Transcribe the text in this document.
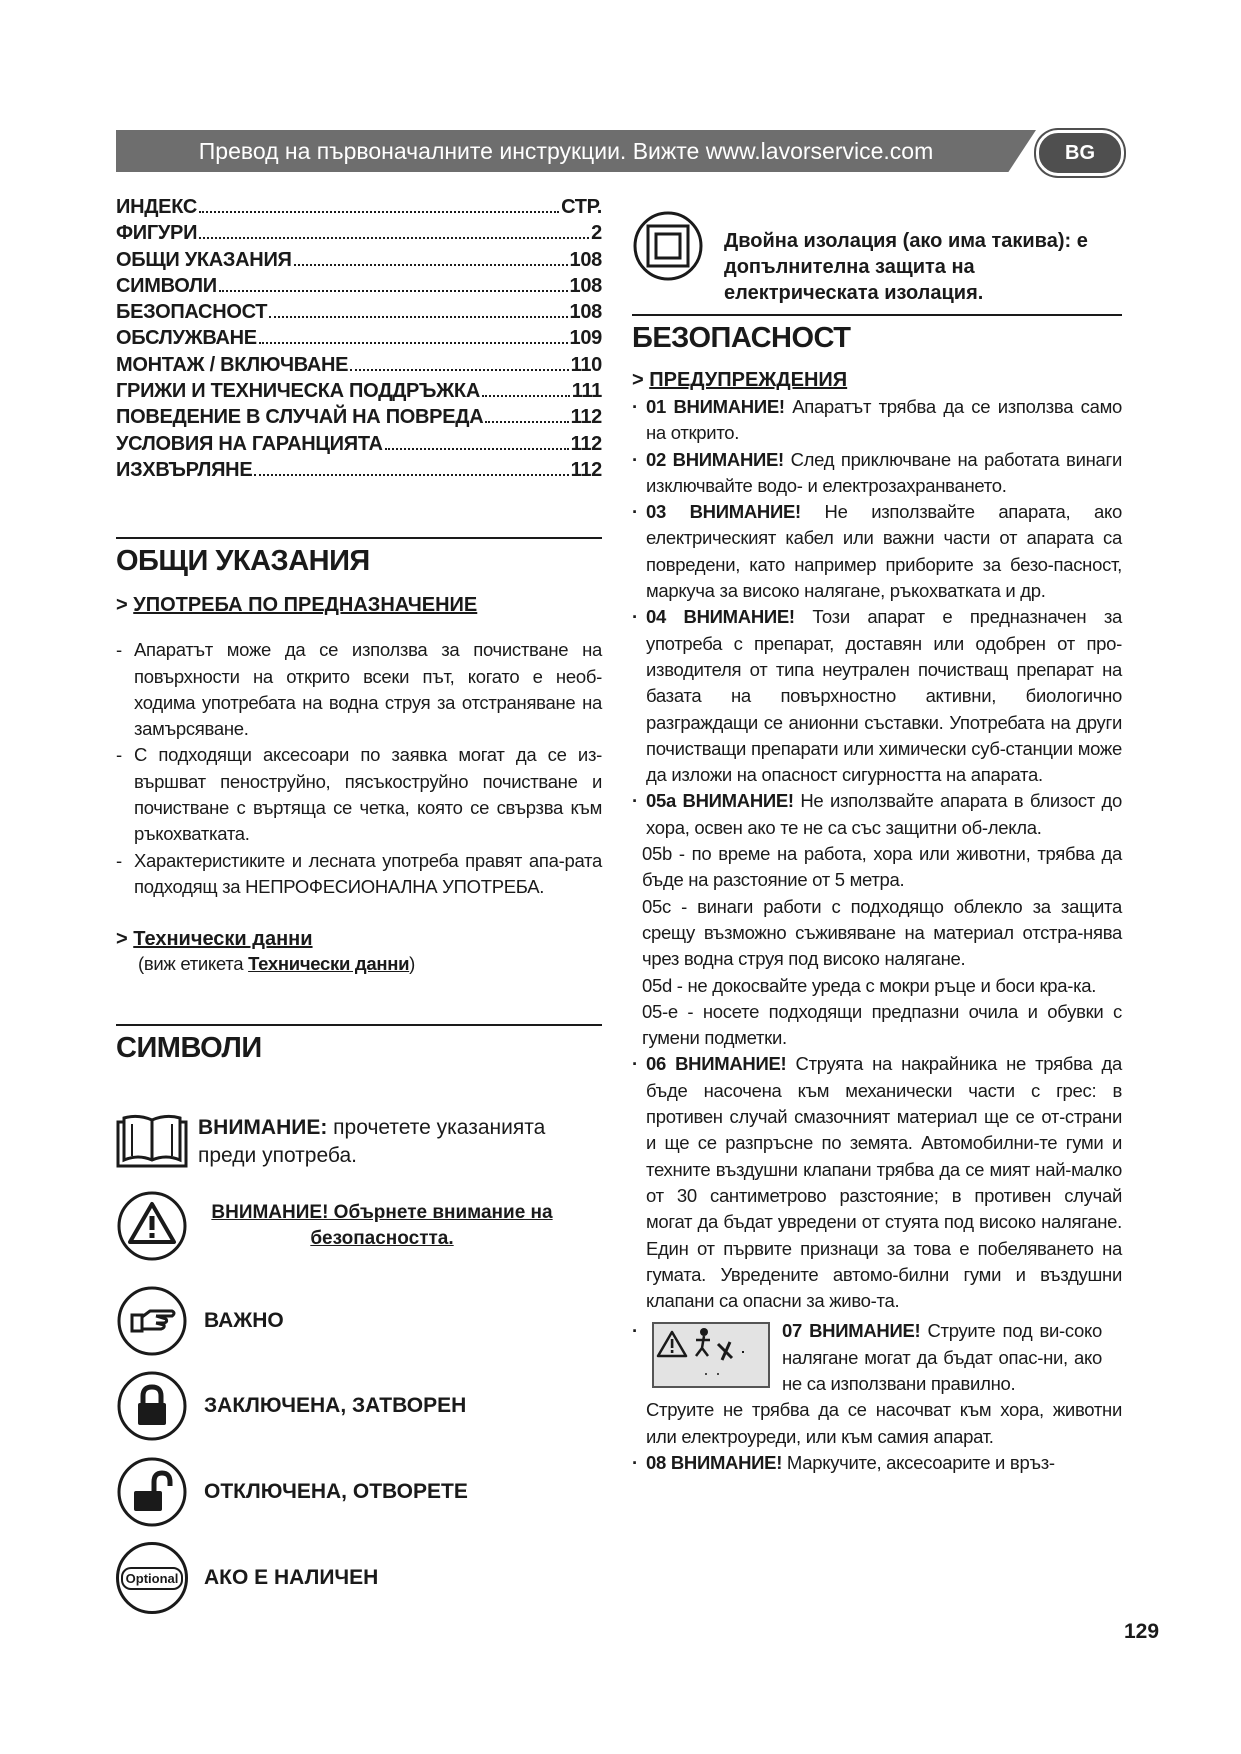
Превод на първоначалните инструкции. Вижте www.lavorservice.com	BG
ИНДЕКС	СТР.
ФИГУРИ	2
ОБЩИ УКАЗАНИЯ	108
СИМВОЛИ	108
БЕЗОПАСНОСТ	108
ОБСЛУЖВАНЕ	109
МОНТАЖ / ВКЛЮЧВАНЕ	110
ГРИЖИ И ТЕХНИЧЕСКА ПОДДРЪЖКА	111
ПОВЕДЕНИЕ В СЛУЧАЙ НА ПОВРЕДА	112
УСЛОВИЯ НА ГАРАНЦИЯТА	112
ИЗХВЪРЛЯНЕ	112
ОБЩИ УКАЗАНИЯ
> УПОТРЕБА ПО ПРЕДНАЗНАЧЕНИЕ
- Апаратът може да се използва за почистване на повърхности на открито всеки път, когато е необ-ходима употребата на водна струя за отстраняване на замърсяване.
- С подходящи аксесоари по заявка могат да се из-вършват пеноструйно, пясъкоструйно почистване и почистване с въртяща се четка, която се свързва към ръкохватката.
- Характеристиките и лесната употреба правят апа-рата подходящ за НЕПРОФЕСИОНАЛНА УПОТРЕБА.
> Технически данни
(виж етикета Технически данни)
СИМВОЛИ
ВНИМАНИЕ: прочетете указанията преди употреба.
ВНИМАНИЕ! Обърнете внимание на безопасността.
ВАЖНО
ЗАКЛЮЧЕНА, ЗАТВОРЕН
ОТКЛЮЧЕНА, ОТВОРЕТЕ
Optional АКО Е НАЛИЧЕН
Двойна изолация (ако има такива): е допълнителна защита на електрическата изолация.
БЕЗОПАСНОСТ
> ПРЕДУПРЕЖДЕНИЯ
· 01 ВНИМАНИЕ! Апаратът трябва да се използва само на открито.
· 02 ВНИМАНИЕ! След приключване на работата винаги изключвайте водо- и електрозахранването.
· 03 ВНИМАНИЕ! Не използвайте апарата, ако електрическият кабел или важни части от апарата са повредени, като например приборите за безо-пасност, маркуча за високо налягане, ръкохватката и др.
· 04 ВНИМАНИЕ! Този апарат е предназначен за употреба с препарат, доставян или одобрен от про-изводителя от типа неутрален почистващ препарат на базата на повърхностно активни, биологично разграждащи се анионни съставки. Употребата на други почистващи препарати или химически суб-станции може да изложи на опасност сигурността на апарата.
· 05a ВНИМАНИЕ! Не използвайте апарата в близост до хора, освен ако те не са със защитни об-лекла.
05b - по време на работа, хора или животни, трябва да бъде на разстояние от 5 метра.
05c - винаги работи с подходящо облекло за защита срещу възможно съживяване на материал отстра-нява чрез водна струя под високо налягане.
05d - не докосвайте уреда с мокри ръце и боси кра-ка.
05-е - носете подходящи предпазни очила и обувки с гумени подметки.
· 06 ВНИМАНИЕ! Струята на накрайника не трябва да бъде насочена към механически части с грес: в противен случай смазочният материал ще се от-страни и ще се разпръсне по земята. Автомобилни-те гуми и техните въздушни клапани трябва да се мият най-малко от 30 сантиметрово разстояние; в противен случай могат да бъдат увредени от стуята под високо налягане. Един от първите признаци за това е побеляването на гумата. Увредените автомо-билни гуми и въздушни клапани са опасни за живо-та.
·	07 ВНИМАНИЕ! Струите под ви-соко налягане могат да бъдат опас-ни, ако не са използвани правилно.
Струите не трябва да се насочват към хора, животни или електроуреди, или към самия апарат.
· 08 ВНИМАНИЕ! Маркучите, аксесоарите и връз-
129
